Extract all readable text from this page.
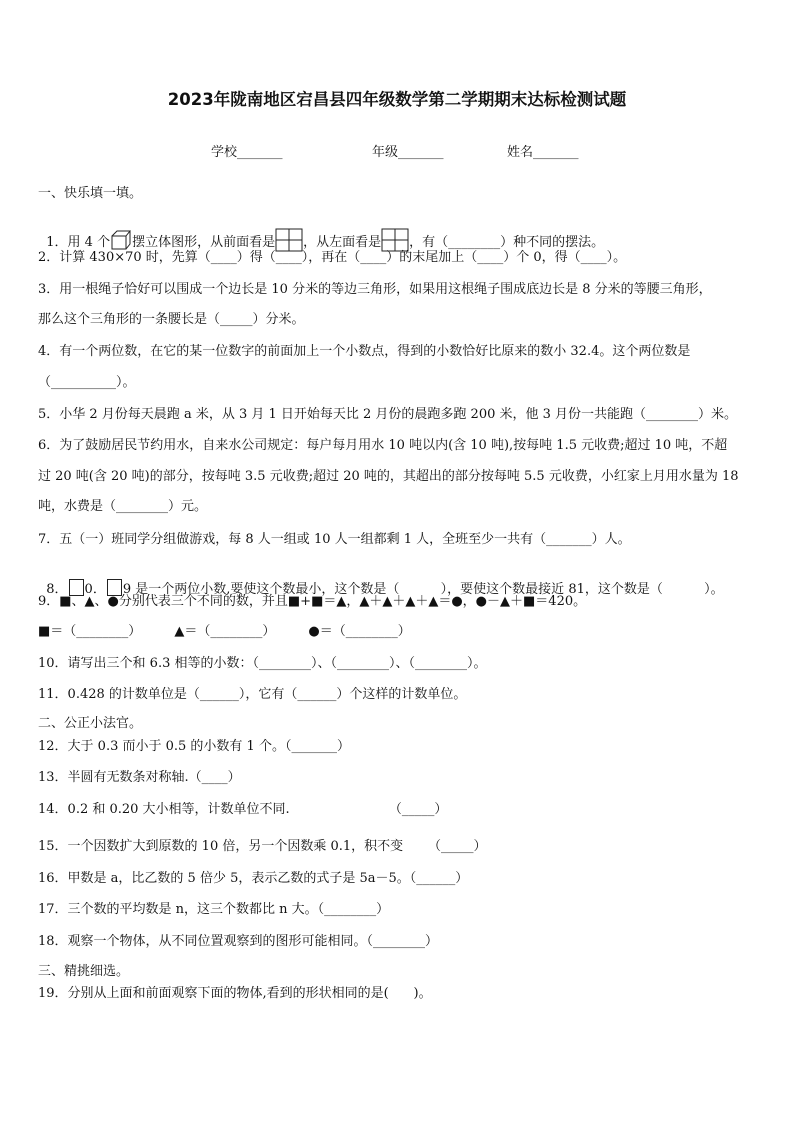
2023年陇南地区宕昌县四年级数学第二学期期末达标检测试题
学校_______	年级_______	姓名_______
一、快乐填一填。

1．用 4 个 摆立体图形，从前面看是 ，从左面看是 ，有（________）种不同的摆法。

2．计算 430×70 时，先算（____）得（____），再在（____）的末尾加上（____）个 0，得（____）。
3．用一根绳子恰好可以围成一个边长是 10 分米的等边三角形，如果用这根绳子围成底边长是 8 分米的等腰三角形，
那么这个三角形的一条腰长是（_____）分米。
4．有一个两位数，在它的某一位数字的前面加上一个小数点，得到的小数恰好比原来的数小 32.4。这个两位数是
（__________）。
5．小华 2 月份每天晨跑 a 米，从 3 月 1 日开始每天比 2 月份的晨跑多跑 200 米，他 3 月份一共能跑（________）米。
6．为了鼓励居民节约用水，自来水公司规定：每户每月用水 10 吨以内(含 10 吨),按每吨 1.5 元收费;超过 10 吨，不超
过 20 吨(含 20 吨)的部分，按每吨 3.5 元收费;超过 20 吨的，其超出的部分按每吨 5.5 元收费，小红家上月用水量为 18
吨，水费是（________）元。
7．五（一）班同学分组做游戏，每 8 人一组或 10 人一组都剩 1 人，全班至少一共有（_______）人。

8． 0． 9 是一个两位小数,要使这个数最小，这个数是（          ），要使这个数最接近 81，这个数是（          ）。

9．■、▲、●分别代表三个不同的数，并且■+■＝▲，▲＋▲＋▲＋▲＝●，●－▲＋■＝420。
■＝（________）        ▲＝（________）        ●＝（________）
10．请写出三个和 6.3 相等的小数：（________）、（________）、（________）。
11．0.428 的计数单位是（______），它有（______）个这样的计数单位。
二、公正小法官。
12．大于 0.3 而小于 0.5 的小数有 1 个。（_______）
13．半圆有无数条对称轴.（____）
14．0.2 和 0.20 大小相等，计数单位不同.                        （_____）
15．一个因数扩大到原数的 10 倍，另一个因数乘 0.1，积不变      （_____）
16．甲数是 a，比乙数的 5 倍少 5，表示乙数的式子是 5a－5。（______）
17．三个数的平均数是 n，这三个数都比 n 大。（________）
18．观察一个物体，从不同位置观察到的图形可能相同。（________）
三、精挑细选。
19．分别从上面和前面观察下面的物体,看到的形状相同的是(      )。
